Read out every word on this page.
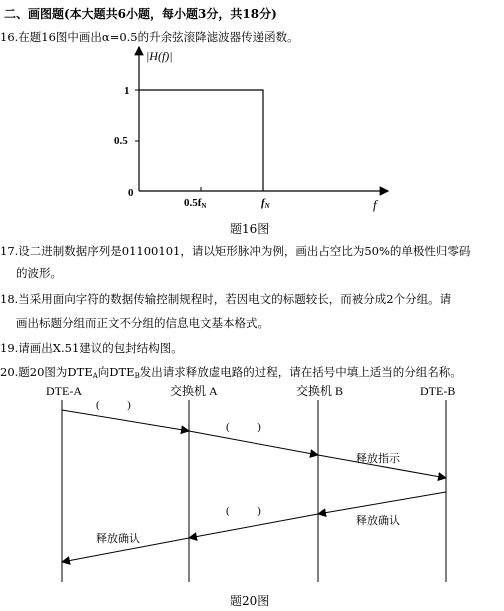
二、画图题(本大题共6小题，每小题3分，共18分)
16.在题16图中画出α=0.5的升余弦滚降滤波器传递函数。
|H(f)|
1
0.5
0
0.5fN	fN	f
题16图
17.设二进制数据序列是01100101，请以矩形脉冲为例，画出占空比为50%的单极性归零码
的波形。
18.当采用面向字符的数据传输控制规程时，若因电文的标题较长，而被分成2个分组。请
画出标题分组而正文不分组的信息电文基本格式。
19.请画出X.51建议的包封结构图。
20.题20图为$DTE_A$向$DTE_B$发出请求释放虚电路的过程，请在括号中填上适当的分组名称。
DTE-A	交换机 A	交换机 B	DTE-B
(          )
(          )
释放指示
释放确认
(          )
释放确认
题20图
